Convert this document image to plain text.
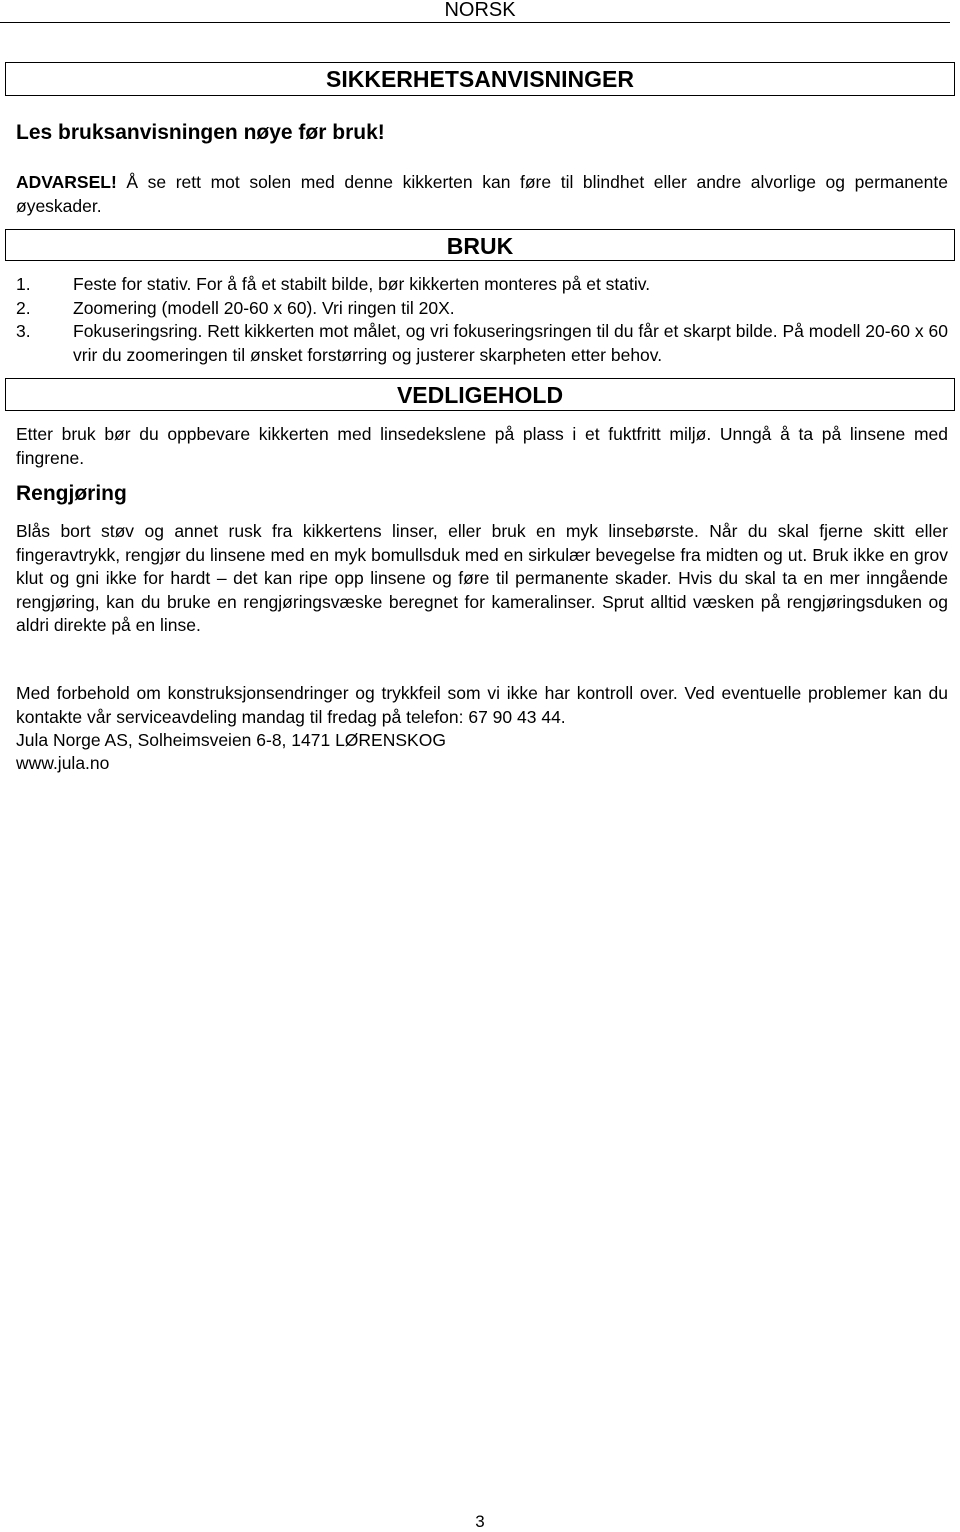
NORSK
SIKKERHETSANVISNINGER
Les bruksanvisningen nøye før bruk!
ADVARSEL! Å se rett mot solen med denne kikkerten kan føre til blindhet eller andre alvorlige og permanente øyeskader.
BRUK
1.	Feste for stativ. For å få et stabilt bilde, bør kikkerten monteres på et stativ.
2.	Zoomering (modell 20-60 x 60). Vri ringen til 20X.
3.	Fokuseringsring. Rett kikkerten mot målet, og vri fokuseringsringen til du får et skarpt bilde. På modell 20-60 x 60 vrir du zoomeringen til ønsket forstørring og justerer skarpheten etter behov.
VEDLIGEHOLD
Etter bruk bør du oppbevare kikkerten med linsedekslene på plass i et fuktfritt miljø. Unngå å ta på linsene med fingrene.
Rengjøring
Blås bort støv og annet rusk fra kikkertens linser, eller bruk en myk linsebørste. Når du skal fjerne skitt eller fingeravtrykk, rengjør du linsene med en myk bomullsduk med en sirkulær bevegelse fra midten og ut. Bruk ikke en grov klut og gni ikke for hardt – det kan ripe opp linsene og føre til permanente skader. Hvis du skal ta en mer inngående rengjøring, kan du bruke en rengjøringsvæske beregnet for kameralinser. Sprut alltid væsken på rengjøringsduken og aldri direkte på en linse.
Med forbehold om konstruksjonsendringer og trykkfeil som vi ikke har kontroll over. Ved eventuelle problemer kan du kontakte vår serviceavdeling mandag til fredag på telefon: 67 90 43 44.
Jula Norge AS, Solheimsveien 6-8, 1471 LØRENSKOG
www.jula.no
3
